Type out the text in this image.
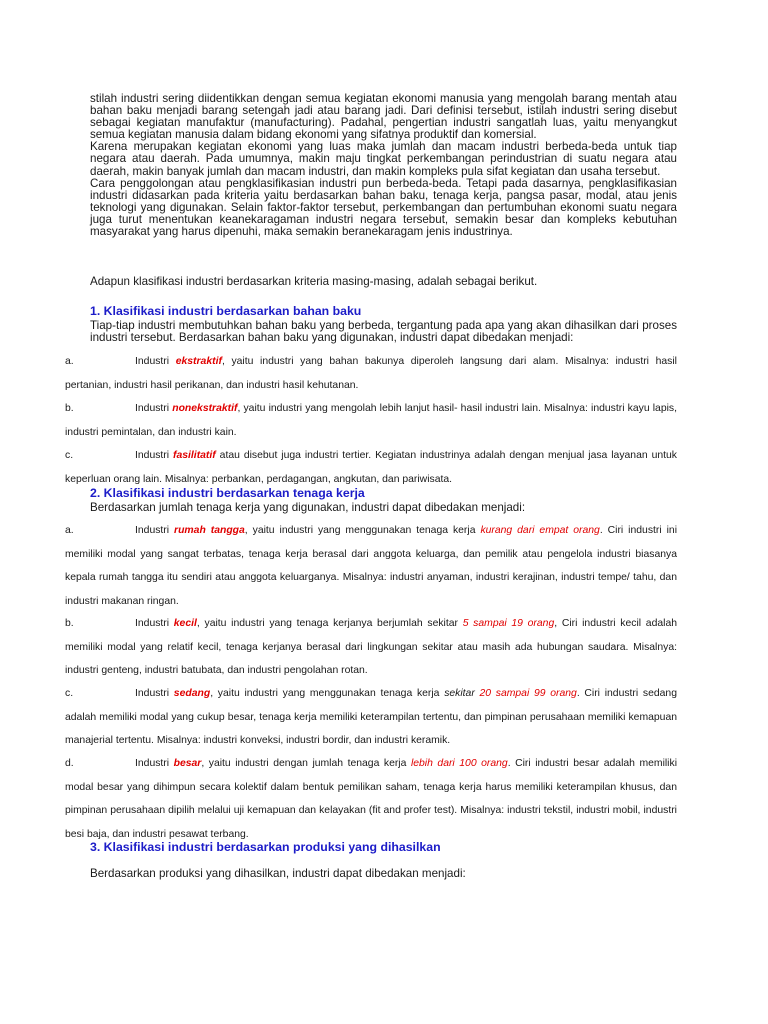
stilah industri sering diidentikkan dengan semua kegiatan ekonomi manusia yang mengolah barang mentah atau bahan baku menjadi barang setengah jadi atau barang jadi. Dari definisi tersebut, istilah industri sering disebut sebagai kegiatan manufaktur (manufacturing). Padahal, pengertian industri sangatlah luas, yaitu menyangkut semua kegiatan manusia dalam bidang ekonomi yang sifatnya produktif dan komersial.
Karena merupakan kegiatan ekonomi yang luas maka jumlah dan macam industri berbeda-beda untuk tiap negara atau daerah. Pada umumnya, makin maju tingkat perkembangan perindustrian di suatu negara atau daerah, makin banyak jumlah dan macam industri, dan makin kompleks pula sifat kegiatan dan usaha tersebut.
Cara penggolongan atau pengklasifikasian industri pun berbeda-beda. Tetapi pada dasarnya, pengklasifikasian industri didasarkan pada kriteria yaitu berdasarkan bahan baku, tenaga kerja, pangsa pasar, modal, atau jenis teknologi yang digunakan. Selain faktor-faktor tersebut, perkembangan dan pertumbuhan ekonomi suatu negara juga turut menentukan keanekaragaman industri negara tersebut, semakin besar dan kompleks kebutuhan masyarakat yang harus dipenuhi, maka semakin beranekaragam jenis industrinya.

Adapun klasifikasi industri berdasarkan kriteria masing-masing, adalah sebagai berikut.

1. Klasifikasi industri berdasarkan bahan baku

Tiap-tiap industri membutuhkan bahan baku yang berbeda, tergantung pada apa yang akan dihasilkan dari proses industri tersebut. Berdasarkan bahan baku yang digunakan, industri dapat dibedakan menjadi:

a.	Industri ekstraktif, yaitu industri yang bahan bakunya diperoleh langsung dari alam. Misalnya: industri hasil pertanian, industri hasil perikanan, dan industri hasil kehutanan.
b.	Industri nonekstraktif, yaitu industri yang mengolah lebih lanjut hasil- hasil industri lain. Misalnya: industri kayu lapis, industri pemintalan, dan industri kain.
c.	Industri fasilitatif atau disebut juga industri tertier. Kegiatan industrinya adalah dengan menjual jasa layanan untuk keperluan orang lain. Misalnya: perbankan, perdagangan, angkutan, dan pariwisata.
2. Klasifikasi industri berdasarkan tenaga kerja

Berdasarkan jumlah tenaga kerja yang digunakan, industri dapat dibedakan menjadi:

a.	Industri rumah tangga, yaitu industri yang menggunakan tenaga kerja kurang dari empat orang. Ciri industri ini memiliki modal yang sangat terbatas, tenaga kerja berasal dari anggota keluarga, dan pemilik atau pengelola industri biasanya kepala rumah tangga itu sendiri atau anggota keluarganya. Misalnya: industri anyaman, industri kerajinan, industri tempe/ tahu, dan industri makanan ringan.
b.	Industri kecil, yaitu industri yang tenaga kerjanya berjumlah sekitar 5 sampai 19 orang, Ciri industri kecil adalah memiliki modal yang relatif kecil, tenaga kerjanya berasal dari lingkungan sekitar atau masih ada hubungan saudara. Misalnya: industri genteng, industri batubata, dan industri pengolahan rotan.
c.	Industri sedang, yaitu industri yang menggunakan tenaga kerja sekitar 20 sampai 99 orang. Ciri industri sedang adalah memiliki modal yang cukup besar, tenaga kerja memiliki keterampilan tertentu, dan pimpinan perusahaan memiliki kemapuan manajerial tertentu. Misalnya: industri konveksi, industri bordir, dan industri keramik.
d.	Industri besar, yaitu industri dengan jumlah tenaga kerja lebih dari 100 orang. Ciri industri besar adalah memiliki modal besar yang dihimpun secara kolektif dalam bentuk pemilikan saham, tenaga kerja harus memiliki keterampilan khusus, dan pimpinan perusahaan dipilih melalui uji kemapuan dan kelayakan (fit and profer test). Misalnya: industri tekstil, industri mobil, industri besi baja, dan industri pesawat terbang.
3. Klasifikasi industri berdasarkan produksi yang dihasilkan

Berdasarkan produksi yang dihasilkan, industri dapat dibedakan menjadi:
